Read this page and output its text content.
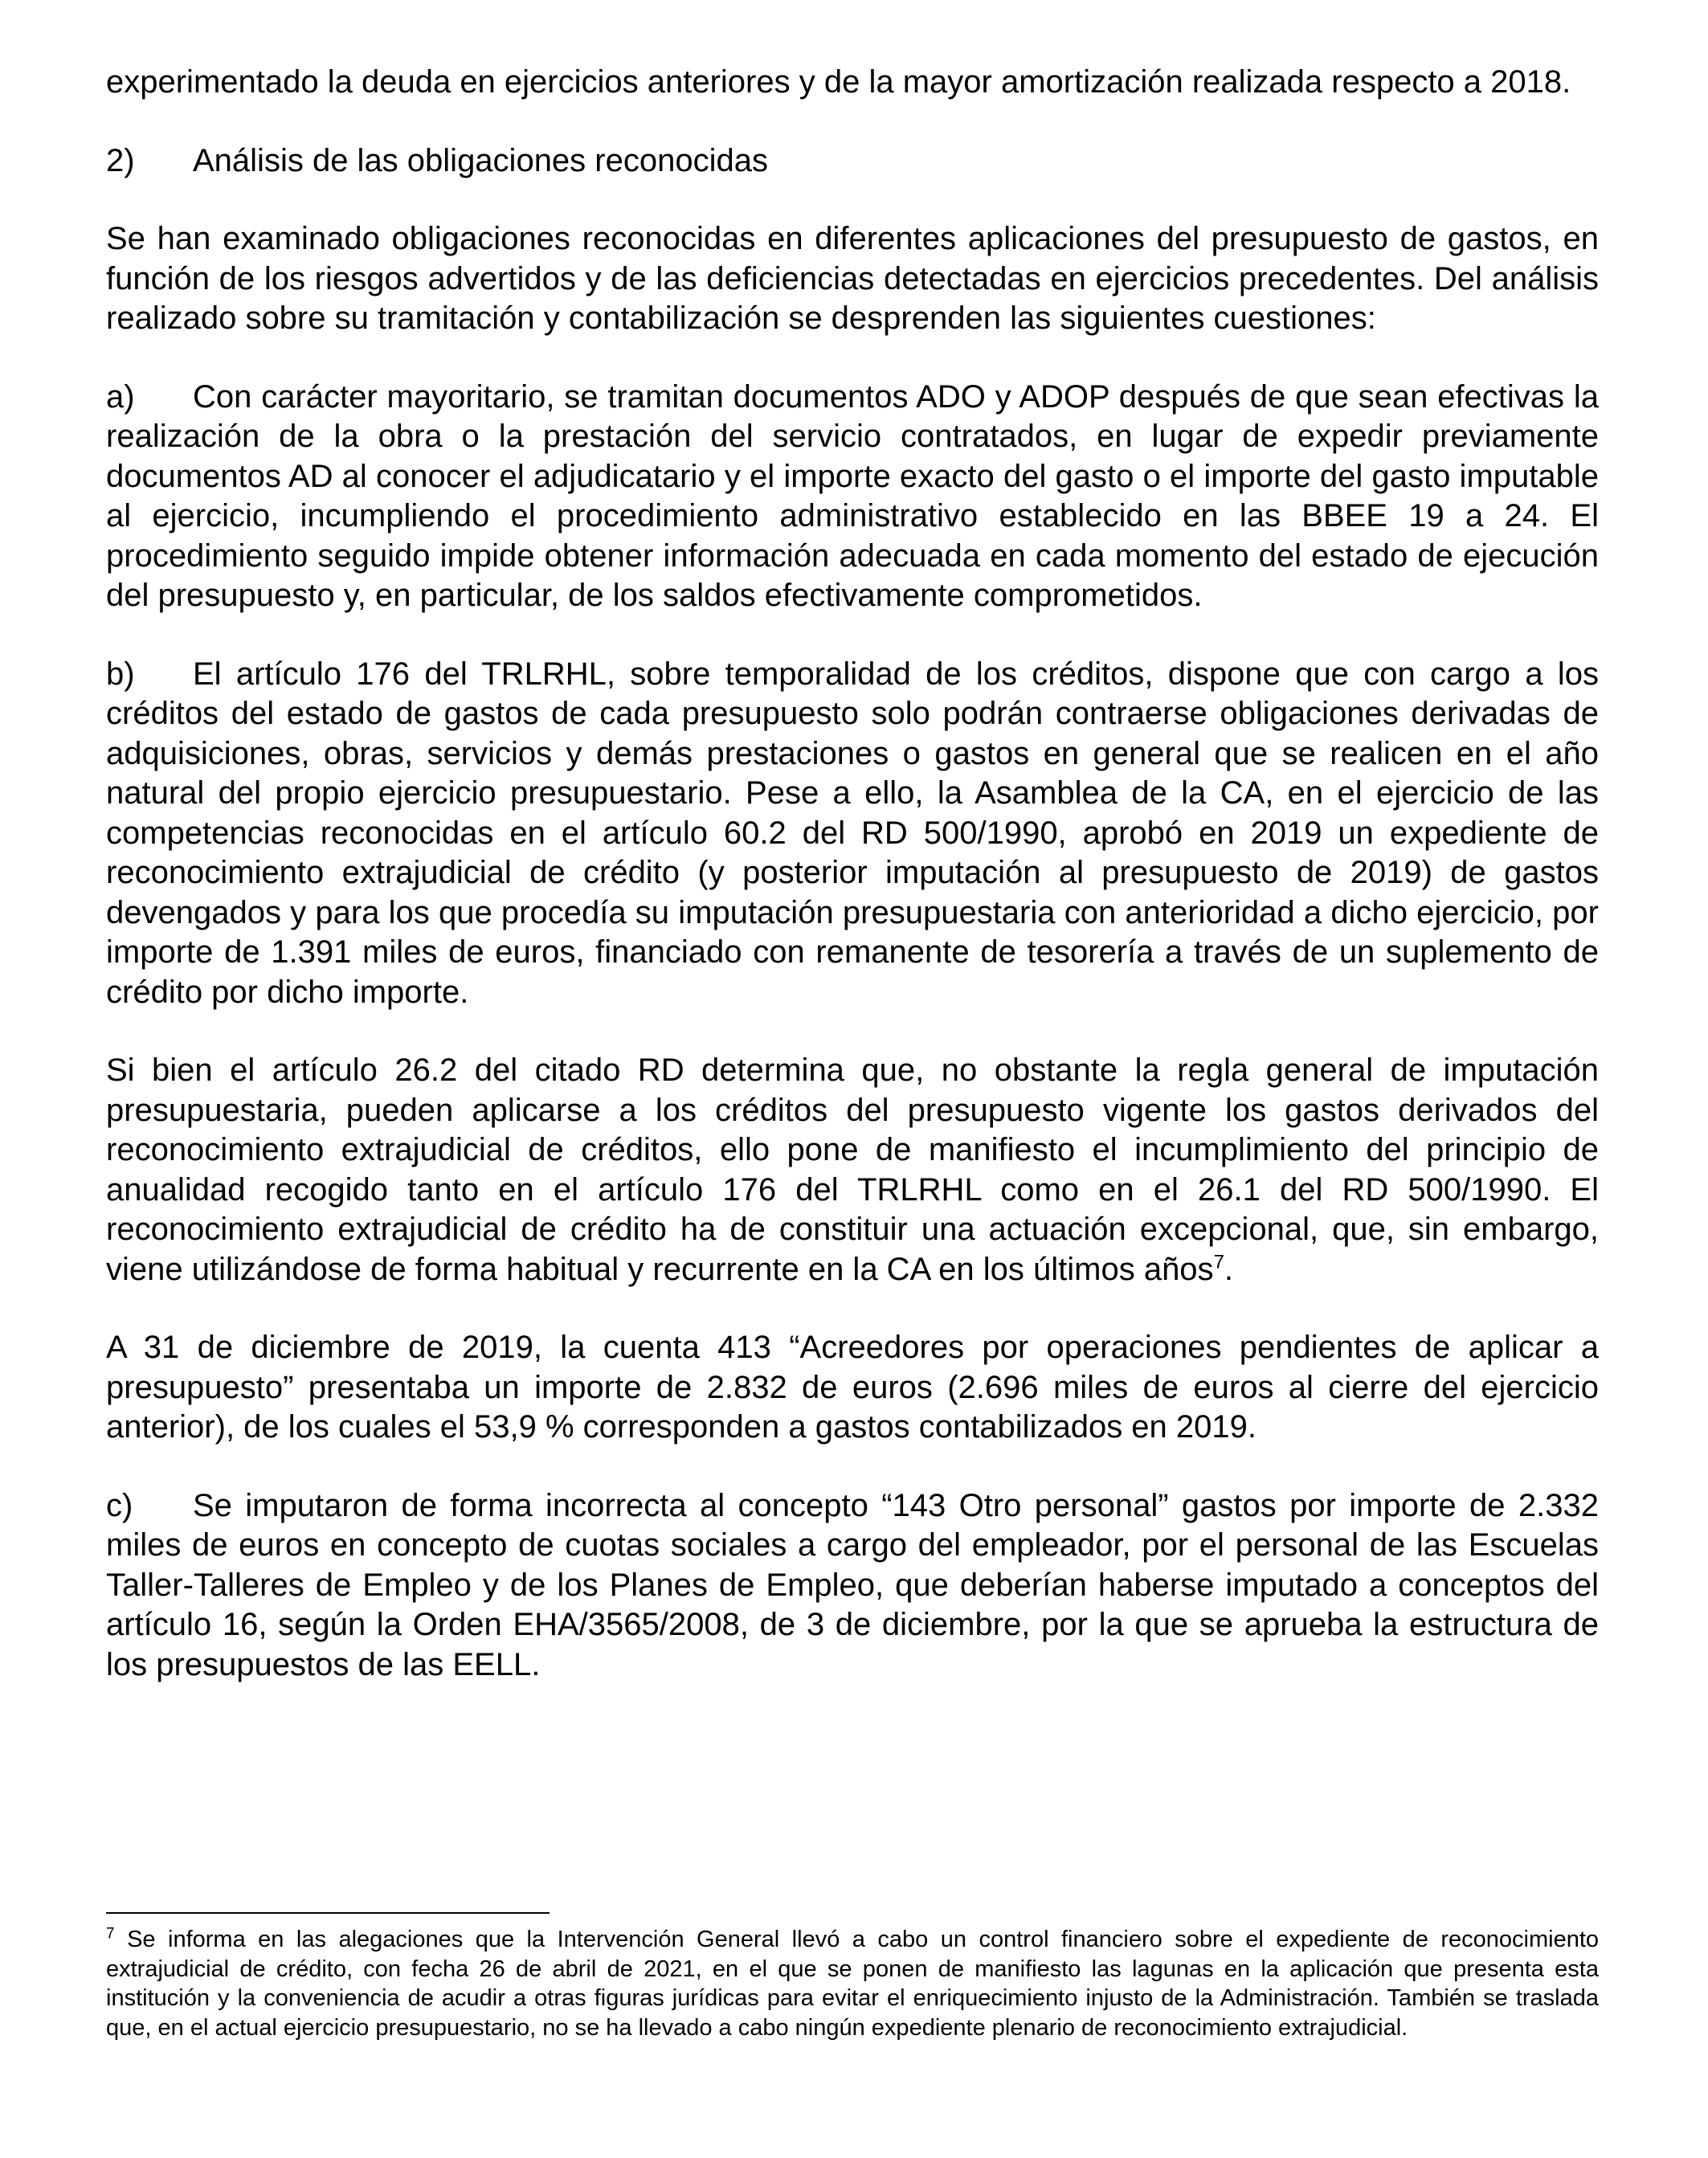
experimentado la deuda en ejercicios anteriores y de la mayor amortización realizada respecto a 2018.

2) Análisis de las obligaciones reconocidas

Se han examinado obligaciones reconocidas en diferentes aplicaciones del presupuesto de gastos, en función de los riesgos advertidos y de las deficiencias detectadas en ejercicios precedentes. Del análisis realizado sobre su tramitación y contabilización se desprenden las siguientes cuestiones:

a) Con carácter mayoritario, se tramitan documentos ADO y ADOP después de que sean efectivas la realización de la obra o la prestación del servicio contratados, en lugar de expedir previamente documentos AD al conocer el adjudicatario y el importe exacto del gasto o el importe del gasto imputable al ejercicio, incumpliendo el procedimiento administrativo establecido en las BBEE 19 a 24. El procedimiento seguido impide obtener información adecuada en cada momento del estado de ejecución del presupuesto y, en particular, de los saldos efectivamente comprometidos.

b) El artículo 176 del TRLRHL, sobre temporalidad de los créditos, dispone que con cargo a los créditos del estado de gastos de cada presupuesto solo podrán contraerse obligaciones derivadas de adquisiciones, obras, servicios y demás prestaciones o gastos en general que se realicen en el año natural del propio ejercicio presupuestario. Pese a ello, la Asamblea de la CA, en el ejercicio de las competencias reconocidas en el artículo 60.2 del RD 500/1990, aprobó en 2019 un expediente de reconocimiento extrajudicial de crédito (y posterior imputación al presupuesto de 2019) de gastos devengados y para los que procedía su imputación presupuestaria con anterioridad a dicho ejercicio, por importe de 1.391 miles de euros, financiado con remanente de tesorería a través de un suplemento de crédito por dicho importe.

Si bien el artículo 26.2 del citado RD determina que, no obstante la regla general de imputación presupuestaria, pueden aplicarse a los créditos del presupuesto vigente los gastos derivados del reconocimiento extrajudicial de créditos, ello pone de manifiesto el incumplimiento del principio de anualidad recogido tanto en el artículo 176 del TRLRHL como en el 26.1 del RD 500/1990. El reconocimiento extrajudicial de crédito ha de constituir una actuación excepcional, que, sin embargo, viene utilizándose de forma habitual y recurrente en la CA en los últimos años$^7$.

A 31 de diciembre de 2019, la cuenta 413 “Acreedores por operaciones pendientes de aplicar a presupuesto” presentaba un importe de 2.832 de euros (2.696 miles de euros al cierre del ejercicio anterior), de los cuales el 53,9 % corresponden a gastos contabilizados en 2019.

c) Se imputaron de forma incorrecta al concepto “143 Otro personal” gastos por importe de 2.332 miles de euros en concepto de cuotas sociales a cargo del empleador, por el personal de las Escuelas Taller-Talleres de Empleo y de los Planes de Empleo, que deberían haberse imputado a conceptos del artículo 16, según la Orden EHA/3565/2008, de 3 de diciembre, por la que se aprueba la estructura de los presupuestos de las EELL.

$^7$ Se informa en las alegaciones que la Intervención General llevó a cabo un control financiero sobre el expediente de reconocimiento extrajudicial de crédito, con fecha 26 de abril de 2021, en el que se ponen de manifiesto las lagunas en la aplicación que presenta esta institución y la conveniencia de acudir a otras figuras jurídicas para evitar el enriquecimiento injusto de la Administración. También se traslada que, en el actual ejercicio presupuestario, no se ha llevado a cabo ningún expediente plenario de reconocimiento extrajudicial.
